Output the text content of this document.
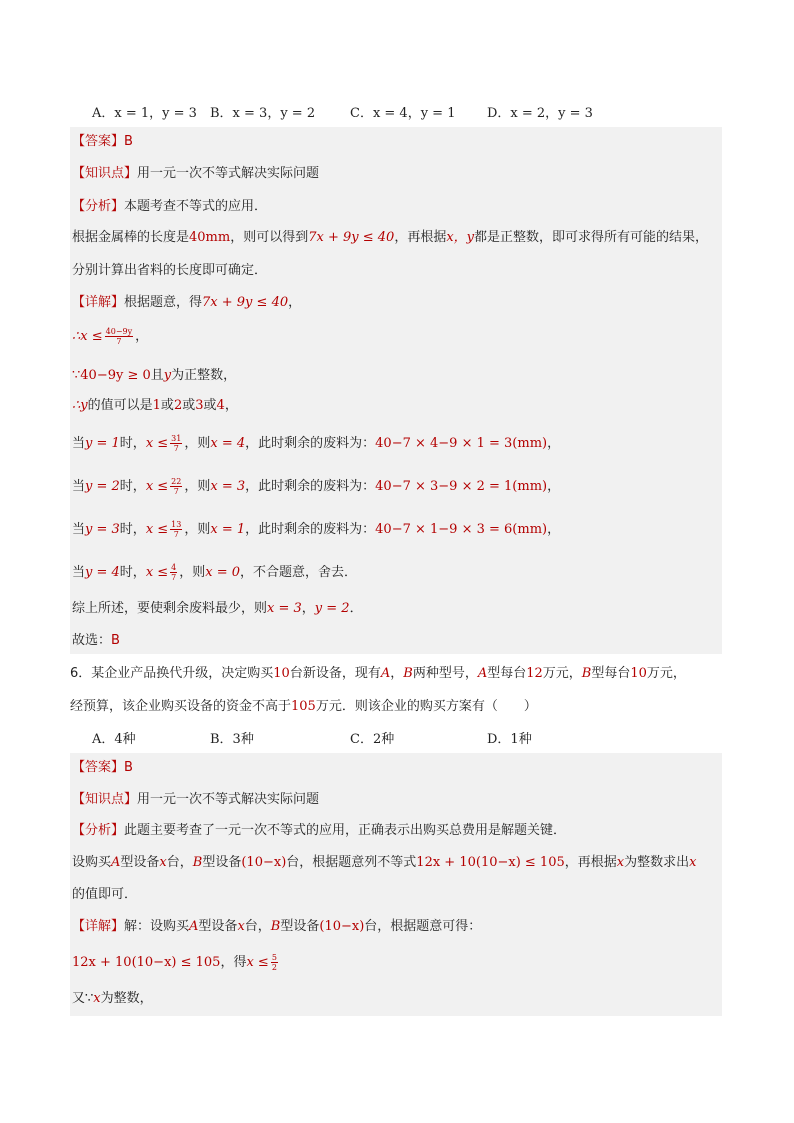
A．x = 1，y = 3 B．x = 3，y = 2	C．x = 4，y = 1 D．x = 2，y = 3
【答案】B
【知识点】用一元一次不等式解决实际问题
【分析】本题考查不等式的应用．
根据金属棒的长度是40mm，则可以得到7x + 9y ≤ 40，再根据x，y都是正整数，即可求得所有可能的结果，
分别计算出省料的长度即可确定．
【详解】根据题意，得7x + 9y ≤ 40，
∴x ≤ $\frac{40-9y}{7}$ ，
∵40−9y ≥ 0且y为正整数，
∴y的值可以是1或2或3或4，
当y = 1时，$x \le \frac{31}{7}$ ，则x = 4，此时剩余的废料为：40−7 × 4−9 × 1 = 3(mm)，
当y = 2时，$x \le \frac{22}{7}$ ，则x = 3，此时剩余的废料为：40−7 × 3−9 × 2 = 1(mm)，
当y = 3时，$x \le \frac{13}{7}$ ，则x = 1，此时剩余的废料为：40−7 × 1−9 × 3 = 6(mm)，
当y = 4时，$x \le \frac{4}{7}$ ，则x = 0，不合题意，舍去．
综上所述，要使剩余废料最少，则x = 3，y = 2．
故选：B
6．某企业产品换代升级，决定购买10台新设备，现有A，B两种型号，A型每台12万元，B型每台10万元，
经预算，该企业购买设备的资金不高于105万元．则该企业的购买方案有（　　）
A．4种	B．3种	C．2种	D．1种
【答案】B
【知识点】用一元一次不等式解决实际问题
【分析】此题主要考查了一元一次不等式的应用，正确表示出购买总费用是解题关键．
设购买A型设备x台，B型设备(10−x)台，根据题意列不等式12x + 10(10−x) ≤ 105，再根据x为整数求出x
的值即可．
【详解】解：设购买A型设备x台，B型设备(10−x)台，根据题意可得：
12x + 10(10−x) ≤ 105，得$x \le \frac{5}{2}$
又∵x为整数，
